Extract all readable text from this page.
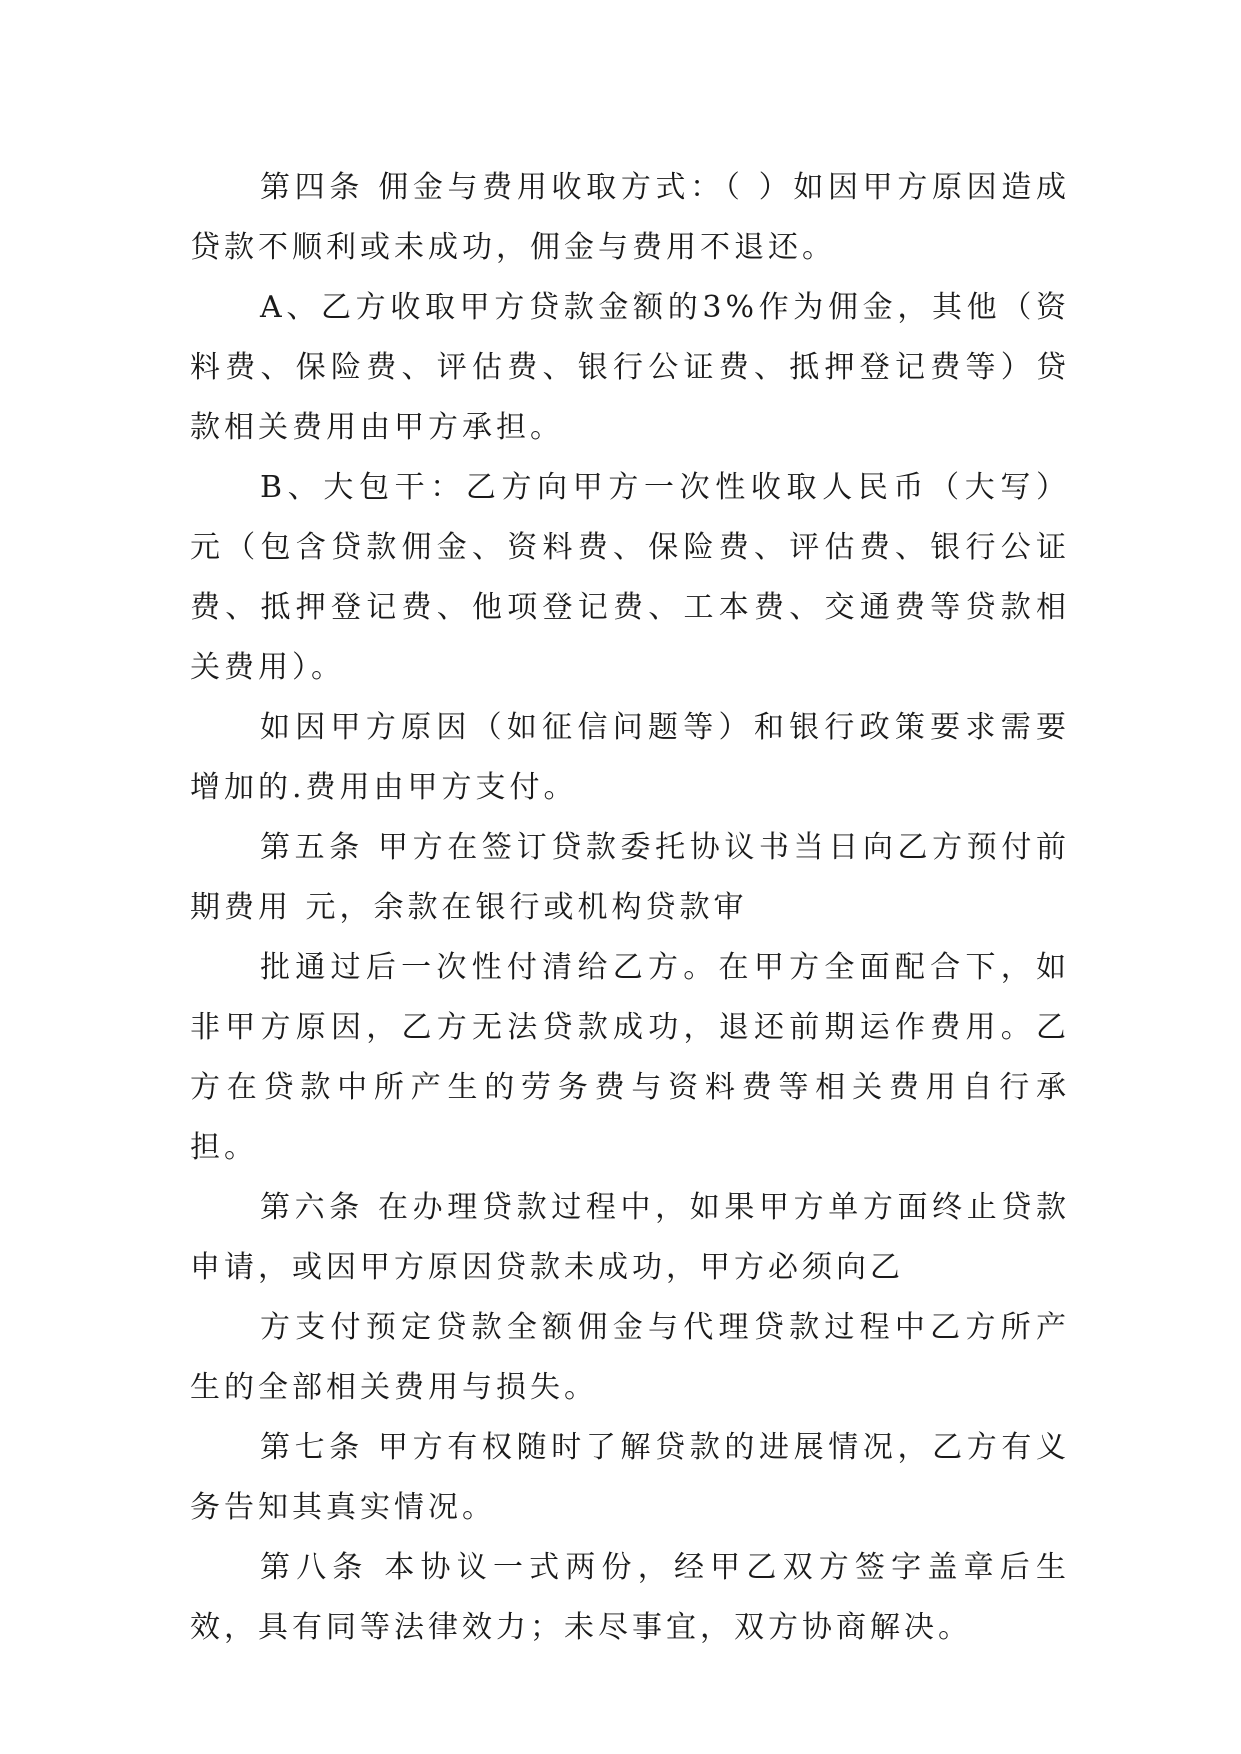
第四条 佣金与费用收取方式：（ ）如因甲方原因造成贷款不顺利或未成功，佣金与费用不退还。

A、乙方收取甲方贷款金额的3%作为佣金，其他（资料费、保险费、评估费、银行公证费、抵押登记费等）贷款相关费用由甲方承担。

B、大包干：乙方向甲方一次性收取人民币（大写） 元（包含贷款佣金、资料费、保险费、评估费、银行公证费、抵押登记费、他项登记费、工本费、交通费等贷款相关费用）。

如因甲方原因（如征信问题等）和银行政策要求需要增加的.费用由甲方支付。

第五条 甲方在签订贷款委托协议书当日向乙方预付前期费用 元，余款在银行或机构贷款审

批通过后一次性付清给乙方。在甲方全面配合下，如非甲方原因，乙方无法贷款成功，退还前期运作费用。乙方在贷款中所产生的劳务费与资料费等相关费用自行承担。

第六条 在办理贷款过程中，如果甲方单方面终止贷款申请，或因甲方原因贷款未成功，甲方必须向乙

方支付预定贷款全额佣金与代理贷款过程中乙方所产生的全部相关费用与损失。

第七条 甲方有权随时了解贷款的进展情况，乙方有义务告知其真实情况。

第八条 本协议一式两份，经甲乙双方签字盖章后生效，具有同等法律效力；未尽事宜，双方协商解决。
